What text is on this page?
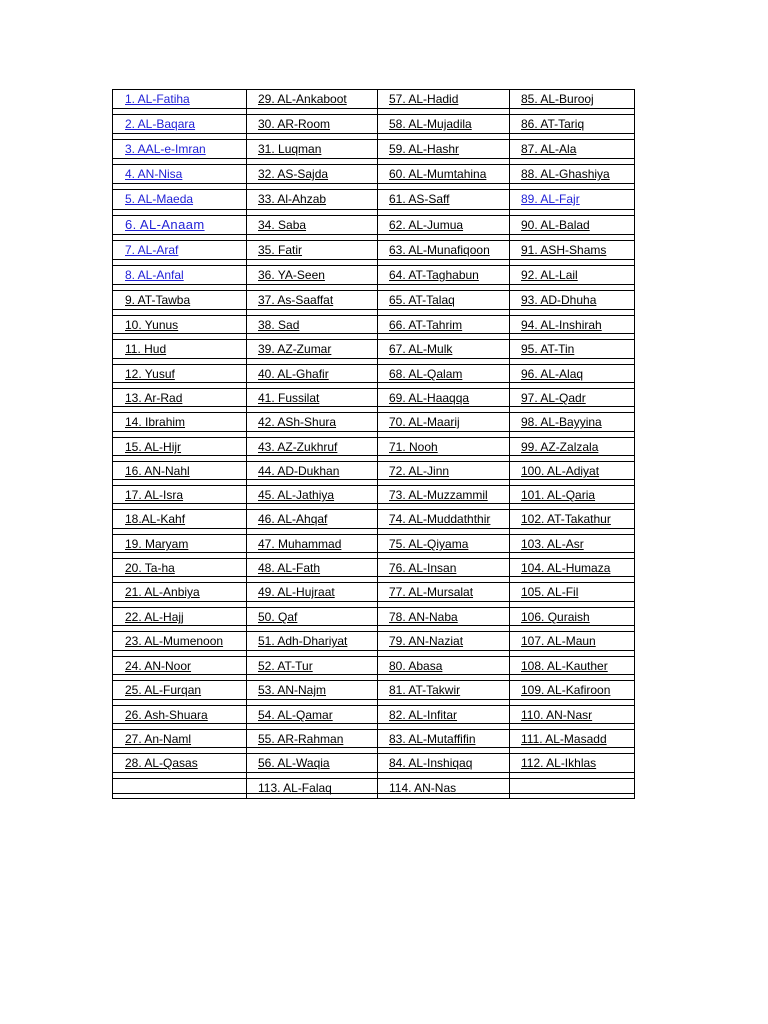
1. AL-Fatiha
2. AL-Baqara
3. AAL-e-Imran
4. AN-Nisa
5. AL-Maeda
6. AL-Anaam
7. AL-Araf
8. AL-Anfal
9. AT-Tawba
10. Yunus
11. Hud
12. Yusuf
13. Ar-Rad
14. Ibrahim
15. AL-Hijr
16. AN-Nahl
17. AL-Isra
18.AL-Kahf
19. Maryam
20. Ta-ha
21. AL-Anbiya
22. AL-Hajj
23. AL-Mumenoon
24. AN-Noor
25. AL-Furqan
26. Ash-Shuara
27. An-Naml
28. AL-Qasas
29. AL-Ankaboot
30. AR-Room
31. Luqman
32. AS-Sajda
33. Al-Ahzab
34. Saba
35. Fatir
36. YA-Seen
37. As-Saaffat
38. Sad
39. AZ-Zumar
40. AL-Ghafir
41. Fussilat
42. ASh-Shura
43. AZ-Zukhruf
44. AD-Dukhan
45. AL-Jathiya
46. AL-Ahqaf
47. Muhammad
48. AL-Fath
49. AL-Hujraat
50. Qaf
51. Adh-Dhariyat
52. AT-Tur
53. AN-Najm
54. AL-Qamar
55. AR-Rahman
56. AL-Waqia
113. AL-Falaq
57. AL-Hadid
58. AL-Mujadila
59. AL-Hashr
60. AL-Mumtahina
61. AS-Saff
62. AL-Jumua
63. AL-Munafiqoon
64. AT-Taghabun
65. AT-Talaq
66. AT-Tahrim
67. AL-Mulk
68. AL-Qalam
69. AL-Haaqqa
70. AL-Maarij
71. Nooh
72. AL-Jinn
73. AL-Muzzammil
74. AL-Muddaththir
75. AL-Qiyama
76. AL-Insan
77. AL-Mursalat
78. AN-Naba
79. AN-Naziat
80. Abasa
81. AT-Takwir
82. AL-Infitar
83. AL-Mutaffifin
84. AL-Inshiqaq
114. AN-Nas
85. AL-Burooj
86. AT-Tariq
87. AL-Ala
88. AL-Ghashiya
89. AL-Fajr
90. AL-Balad
91. ASH-Shams
92. AL-Lail
93. AD-Dhuha
94. AL-Inshirah
95. AT-Tin
96. AL-Alaq
97. AL-Qadr
98. AL-Bayyina
99. AZ-Zalzala
100. AL-Adiyat
101. AL-Qaria
102. AT-Takathur
103. AL-Asr
104. AL-Humaza
105. AL-Fil
106. Quraish
107. AL-Maun
108. AL-Kauther
109. AL-Kafiroon
110. AN-Nasr
111. AL-Masadd
112. AL-Ikhlas
